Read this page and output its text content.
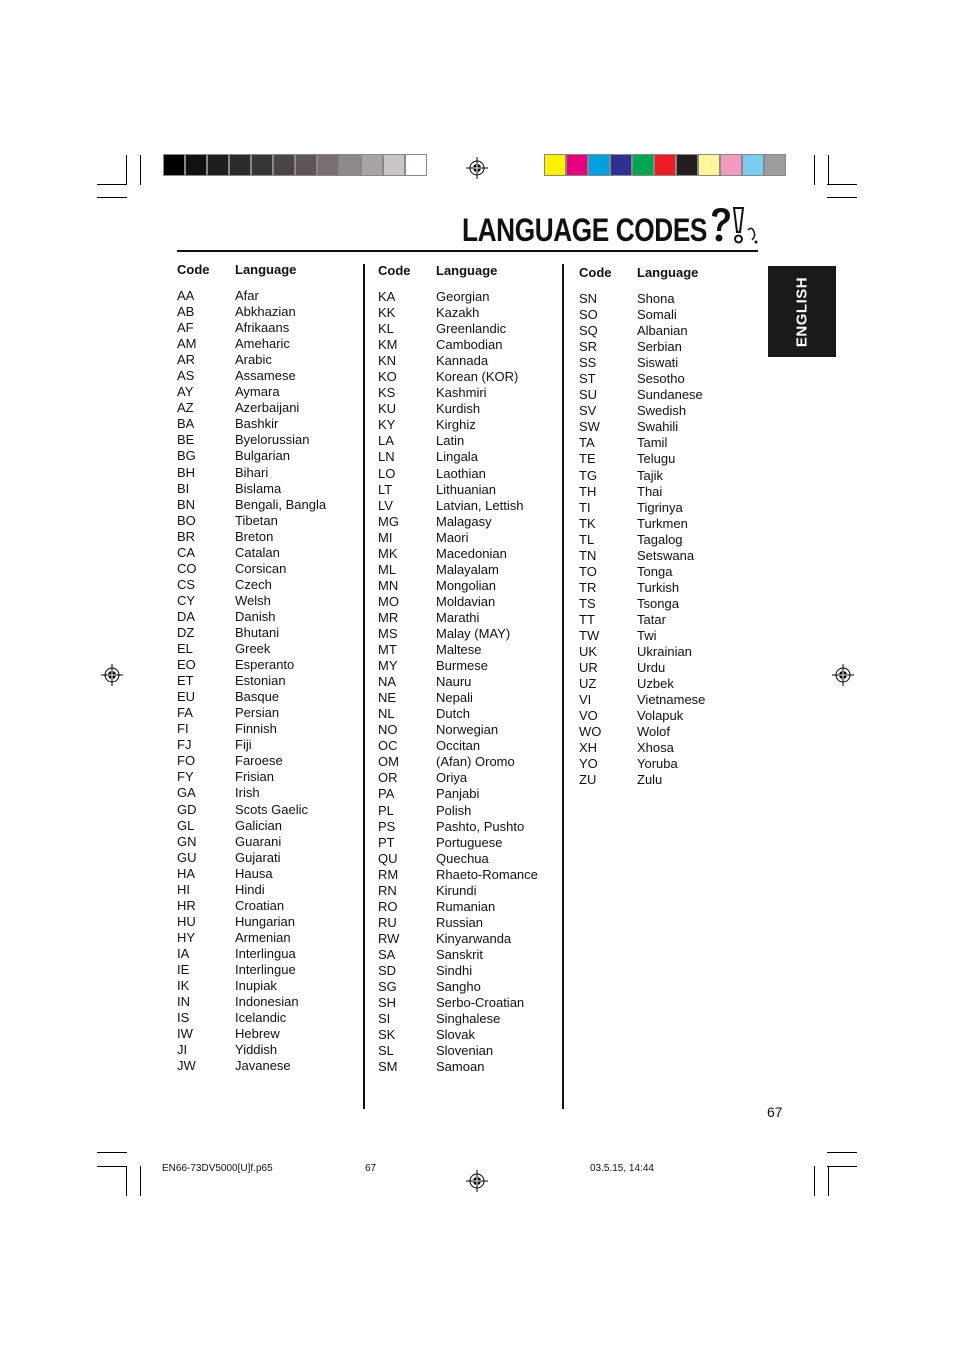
LANGUAGE CODES
Code Language
AA	Afar
AB	Abkhazian
AF	Afrikaans
AM	Ameharic
AR	Arabic
AS	Assamese
AY	Aymara
AZ	Azerbaijani
BA	Bashkir
BE	Byelorussian
BG	Bulgarian
BH	Bihari
BI	Bislama
BN	Bengali, Bangla
BO	Tibetan
BR	Breton
CA	Catalan
CO	Corsican
CS	Czech
CY	Welsh
DA	Danish
DZ	Bhutani
EL	Greek
EO	Esperanto
ET	Estonian
EU	Basque
FA	Persian
FI	Finnish
FJ	Fiji
FO	Faroese
FY	Frisian
GA	Irish
GD	Scots Gaelic
GL	Galician
GN	Guarani
GU	Gujarati
HA	Hausa
HI	Hindi
HR	Croatian
HU	Hungarian
HY	Armenian
IA	Interlingua
IE	Interlingue
IK	Inupiak
IN	Indonesian
IS	Icelandic
IW	Hebrew
JI	Yiddish
JW	Javanese
Code Language
KA	Georgian
KK	Kazakh
KL	Greenlandic
KM	Cambodian
KN	Kannada
KO	Korean (KOR)
KS	Kashmiri
KU	Kurdish
KY	Kirghiz
LA	Latin
LN	Lingala
LO	Laothian
LT	Lithuanian
LV	Latvian, Lettish
MG	Malagasy
MI	Maori
MK	Macedonian
ML	Malayalam
MN	Mongolian
MO	Moldavian
MR	Marathi
MS	Malay (MAY)
MT	Maltese
MY	Burmese
NA	Nauru
NE	Nepali
NL	Dutch
NO	Norwegian
OC	Occitan
OM	(Afan) Oromo
OR	Oriya
PA	Panjabi
PL	Polish
PS	Pashto, Pushto
PT	Portuguese
QU	Quechua
RM	Rhaeto-Romance
RN	Kirundi
RO	Rumanian
RU	Russian
RW	Kinyarwanda
SA	Sanskrit
SD	Sindhi
SG	Sangho
SH	Serbo-Croatian
SI	Singhalese
SK	Slovak
SL	Slovenian
SM	Samoan
Code Language
SN	Shona
SO	Somali
SQ	Albanian
SR	Serbian
SS	Siswati
ST	Sesotho
SU	Sundanese
SV	Swedish
SW	Swahili
TA	Tamil
TE	Telugu
TG	Tajik
TH	Thai
TI	Tigrinya
TK	Turkmen
TL	Tagalog
TN	Setswana
TO	Tonga
TR	Turkish
TS	Tsonga
TT	Tatar
TW	Twi
UK	Ukrainian
UR	Urdu
UZ	Uzbek
VI	Vietnamese
VO	Volapuk
WO	Wolof
XH	Xhosa
YO	Yoruba
ZU	Zulu
ENGLISH
67
EN66-73DV5000[U]f.p65	67	03.5.15, 14:44
